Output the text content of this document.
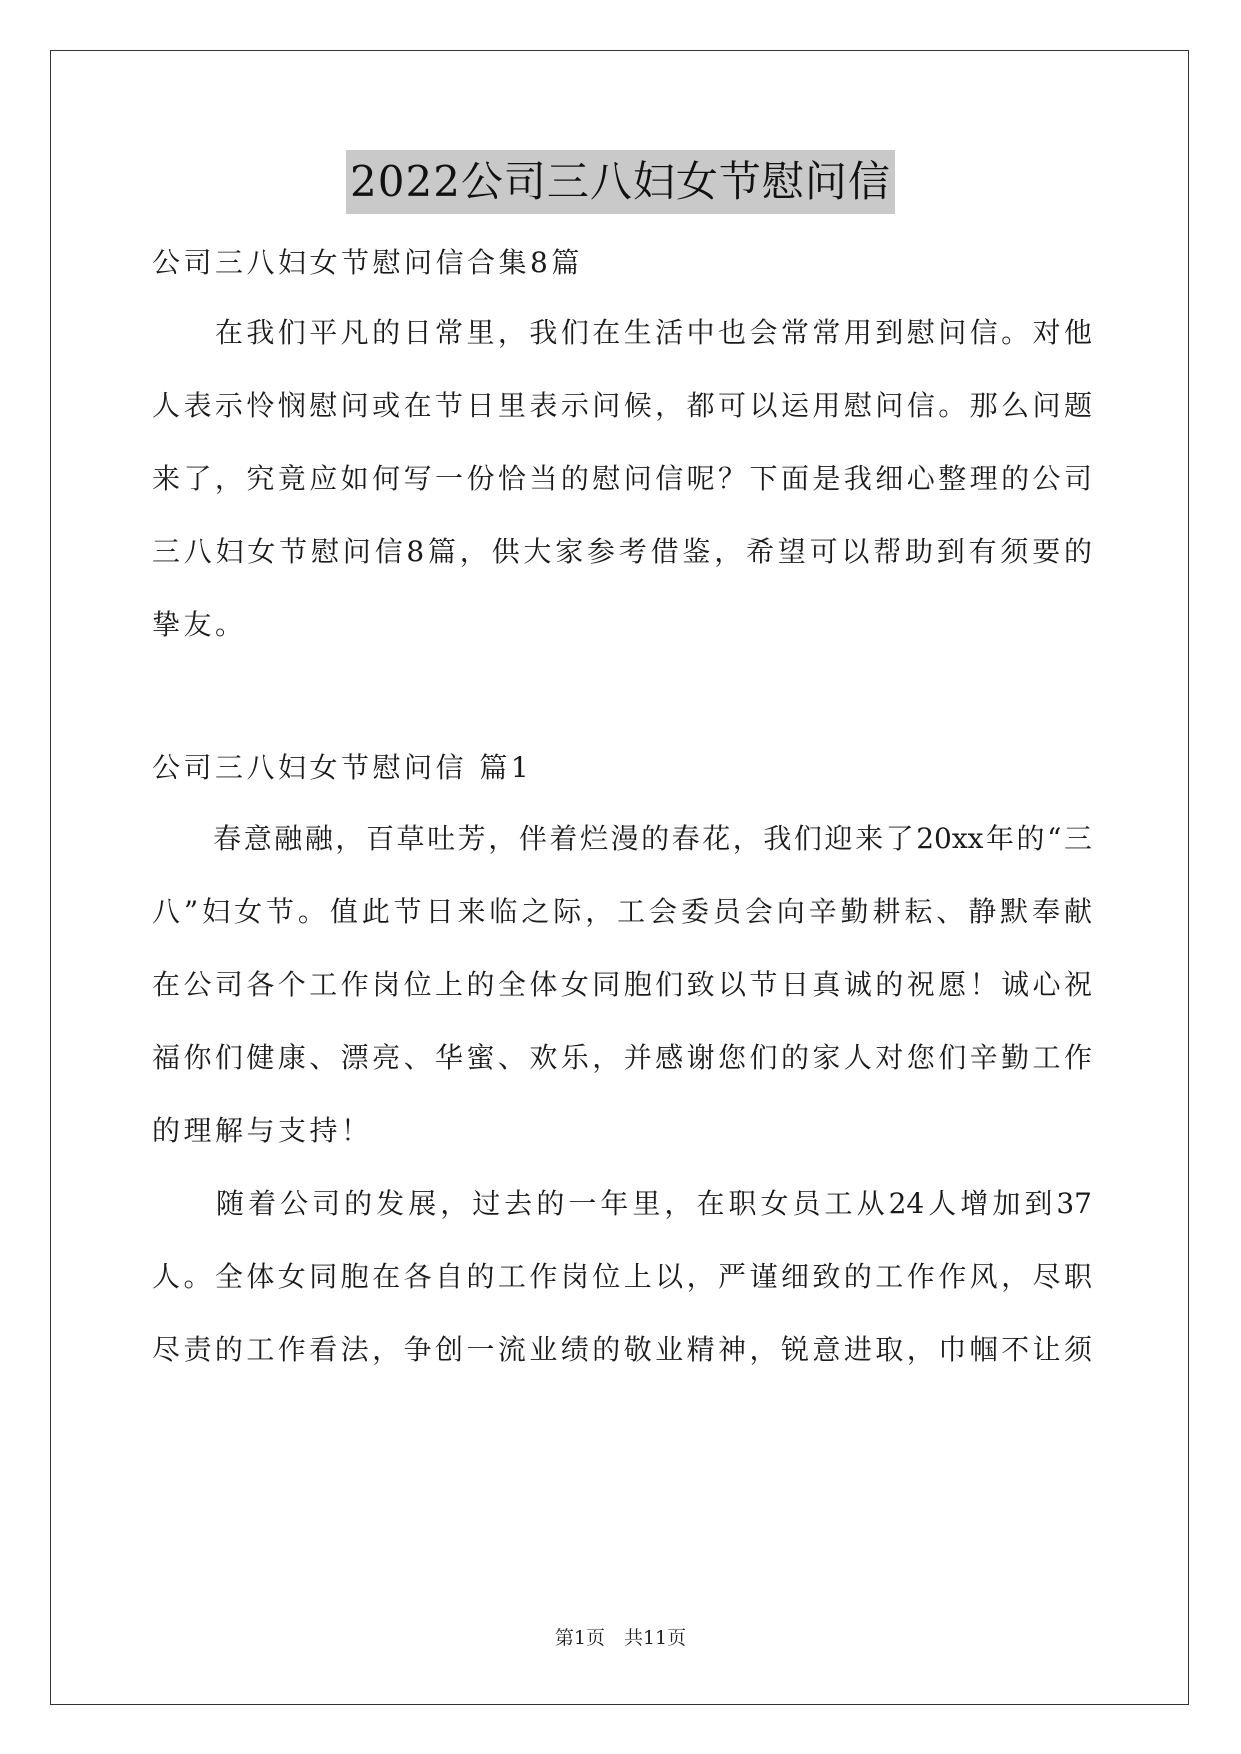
2022公司三八妇女节慰问信
公司三八妇女节慰问信合集8篇
　　在我们平凡的日常里，我们在生活中也会常常用到慰问信。对他
人表示怜悯慰问或在节日里表示问候，都可以运用慰问信。那么问题
来了，究竟应如何写一份恰当的慰问信呢？下面是我细心整理的公司
三八妇女节慰问信8篇，供大家参考借鉴，希望可以帮助到有须要的
挚友。
公司三八妇女节慰问信 篇1
　　春意融融，百草吐芳，伴着烂漫的春花，我们迎来了20xx年的“三
八”妇女节。值此节日来临之际，工会委员会向辛勤耕耘、静默奉献
在公司各个工作岗位上的全体女同胞们致以节日真诚的祝愿！诚心祝
福你们健康、漂亮、华蜜、欢乐，并感谢您们的家人对您们辛勤工作
的理解与支持！
　　随着公司的发展，过去的一年里，在职女员工从24人增加到37
人。全体女同胞在各自的工作岗位上以，严谨细致的工作作风，尽职
尽责的工作看法，争创一流业绩的敬业精神，锐意进取，巾帼不让须
第1页　共11页
